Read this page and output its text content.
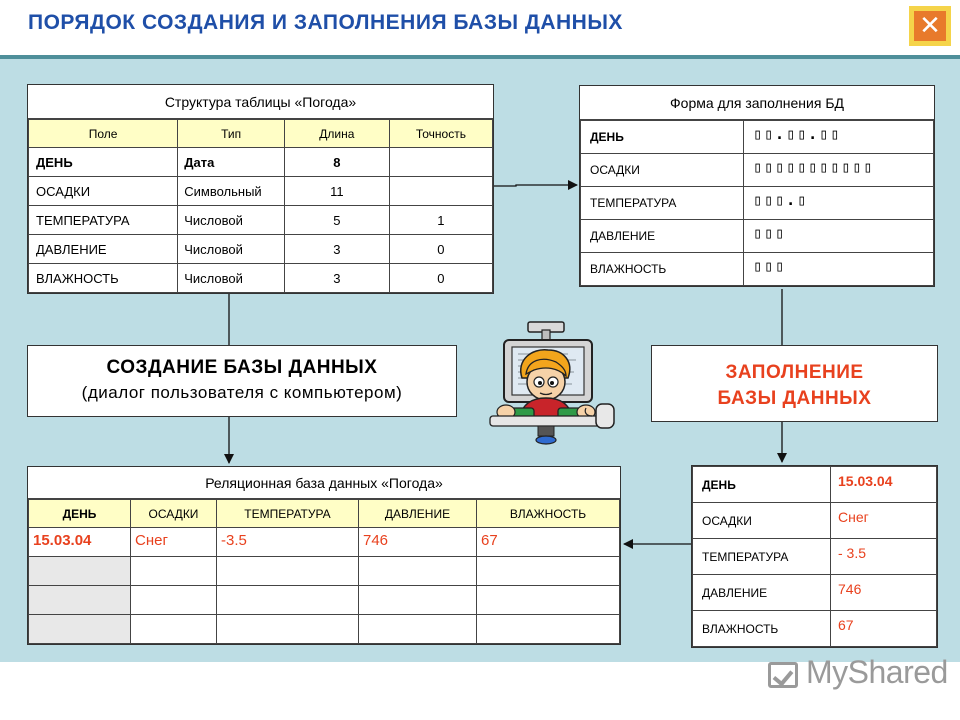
ПОРЯДОК СОЗДАНИЯ И ЗАПОЛНЕНИЯ БАЗЫ ДАННЫХ	✕
Структура таблицы «Погода»
Поле	Тип	Длина	Точность
ДЕНЬ	Дата	8	
ОСАДКИ	Символьный	11	
ТЕМПЕРАТУРА	Числовой	5	1
ДАВЛЕНИЕ	Числовой	3	0
ВЛАЖНОСТЬ	Числовой	3	0
Форма для заполнения БД
ДЕНЬ	▯▯.▯▯.▯▯
ОСАДКИ	▯▯▯▯▯▯▯▯▯▯▯
ТЕМПЕРАТУРА	▯▯▯.▯
ДАВЛЕНИЕ	▯▯▯
ВЛАЖНОСТЬ	▯▯▯
СОЗДАНИЕ БАЗЫ ДАННЫХ
(диалог пользователя с компьютером)
ЗАПОЛНЕНИЕ
БАЗЫ ДАННЫХ
Реляционная база данных «Погода»
ДЕНЬ	ОСАДКИ	ТЕМПЕРАТУРА	ДАВЛЕНИЕ	ВЛАЖНОСТЬ
15.03.04	Снег	-3.5	746	67

ДЕНЬ	15.03.04
ОСАДКИ	Снег
ТЕМПЕРАТУРА	- 3.5
ДАВЛЕНИЕ	746
ВЛАЖНОСТЬ	67
MyShared
